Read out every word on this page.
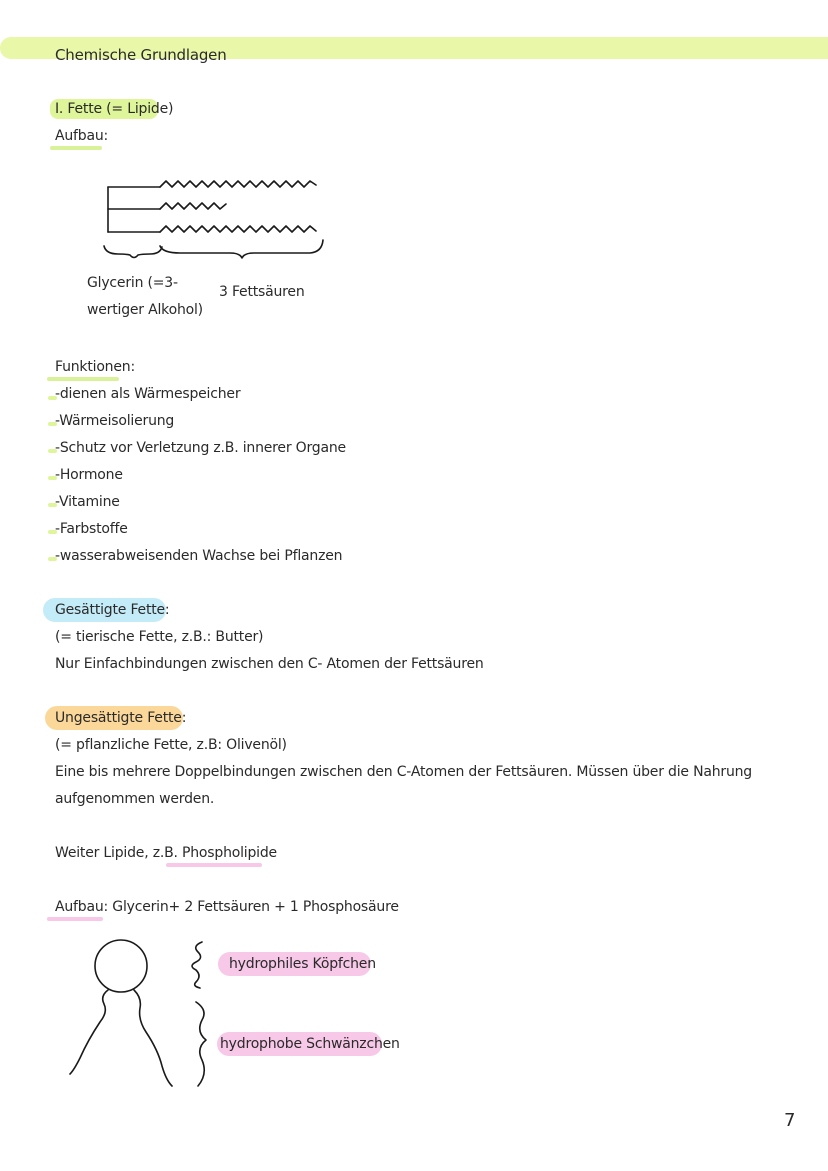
Chemische Grundlagen
I. Fette (= Lipide)
Aufbau:
Glycerin (=3-
wertiger Alkohol)
3 Fettsäuren
Funktionen:
-dienen als Wärmespeicher
-Wärmeisolierung
-Schutz vor Verletzung z.B. innerer Organe
-Hormone
-Vitamine
-Farbstoffe
-wasserabweisenden Wachse bei Pflanzen
Gesättigte Fette:
(= tierische Fette, z.B.: Butter)
Nur Einfachbindungen zwischen den C- Atomen der Fettsäuren
Ungesättigte Fette:
(= pflanzliche Fette, z.B: Olivenöl)
Eine bis mehrere Doppelbindungen zwischen den C-Atomen der Fettsäuren. Müssen über die Nahrung
aufgenommen werden.
Weiter Lipide, z.B. Phospholipide
Aufbau: Glycerin+ 2 Fettsäuren + 1 Phosphosäure
hydrophiles Köpfchen
hydrophobe Schwänzchen
7
